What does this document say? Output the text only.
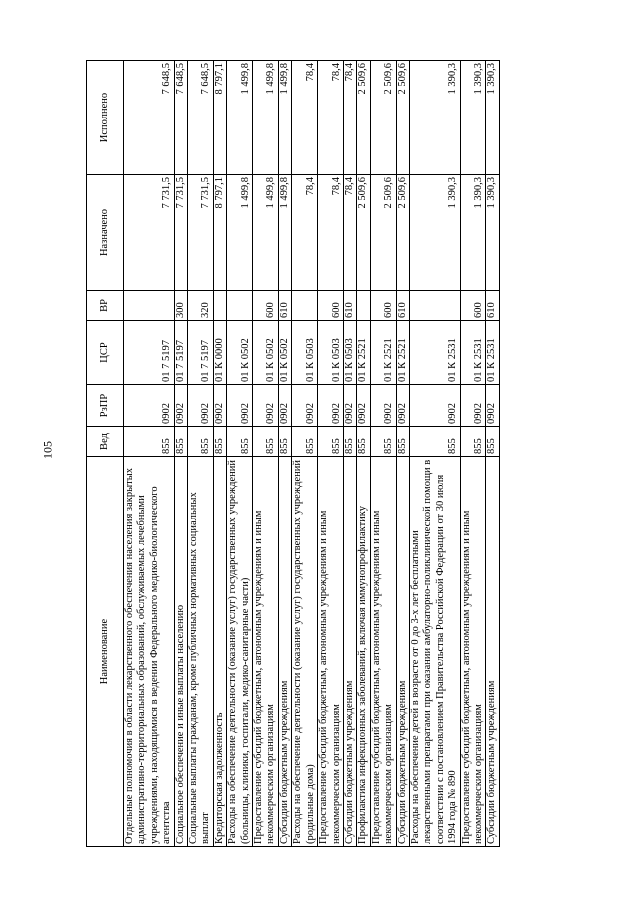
105
Наименование	Вед	РзПР	ЦСР	ВР	Назначено	Исполнено
Отдельные полномочия в области лекарственного обеспечения населения закрытых административно-территориальных образований, обслуживаемых лечебными учреждениями, находящимися в ведении Федерального медико-биологического агентства	855	0902	01 7 5197		7 731,5	7 648,5
Социальное обеспечение и иные выплаты населению	855	0902	01 7 5197	300	7 731,5	7 648,5
Социальные выплаты гражданам, кроме публичных нормативных социальных выплат	855	0902	01 7 5197	320	7 731,5	7 648,5
Кредиторская задолженность	855	0902	01 К 0000		8 797,1	8 797,1
Расходы на обеспечение деятельности (оказание услуг) государственных учреждений (больницы, клиники, госпитали, медико-санитарные части)	855	0902	01 К 0502		1 499,8	1 499,8
Предоставление субсидий бюджетным, автономным учреждениям и иным некоммерческим организациям	855	0902	01 К 0502	600	1 499,8	1 499,8
Субсидии бюджетным учреждениям	855	0902	01 К 0502	610	1 499,8	1 499,8
Расходы на обеспечение деятельности (оказание услуг) государственных учреждений (родильные дома)	855	0902	01 К 0503		78,4	78,4
Предоставление субсидий бюджетным, автономным учреждениям и иным некоммерческим организациям	855	0902	01 К 0503	600	78,4	78,4
Субсидии бюджетным учреждениям	855	0902	01 К 0503	610	78,4	78,4
Профилактика инфекционных заболеваний, включая иммунопрофилактику	855	0902	01 К 2521		2 509,6	2 509,6
Предоставление субсидий бюджетным, автономным учреждениям и иным некоммерческим организациям	855	0902	01 К 2521	600	2 509,6	2 509,6
Субсидии бюджетным учреждениям	855	0902	01 К 2521	610	2 509,6	2 509,6
Расходы на обеспечение детей в возрасте от 0 до 3-х лет бесплатными лекарственными препаратами при оказании амбулаторно-поликлинической помощи в соответствии с постановлением Правительства Российской Федерации от 30 июля 1994 года № 890	855	0902	01 К 2531		1 390,3	1 390,3
Предоставление субсидий бюджетным, автономным учреждениям и иным некоммерческим организациям	855	0902	01 К 2531	600	1 390,3	1 390,3
Субсидии бюджетным учреждениям	855	0902	01 К 2531	610	1 390,3	1 390,3
